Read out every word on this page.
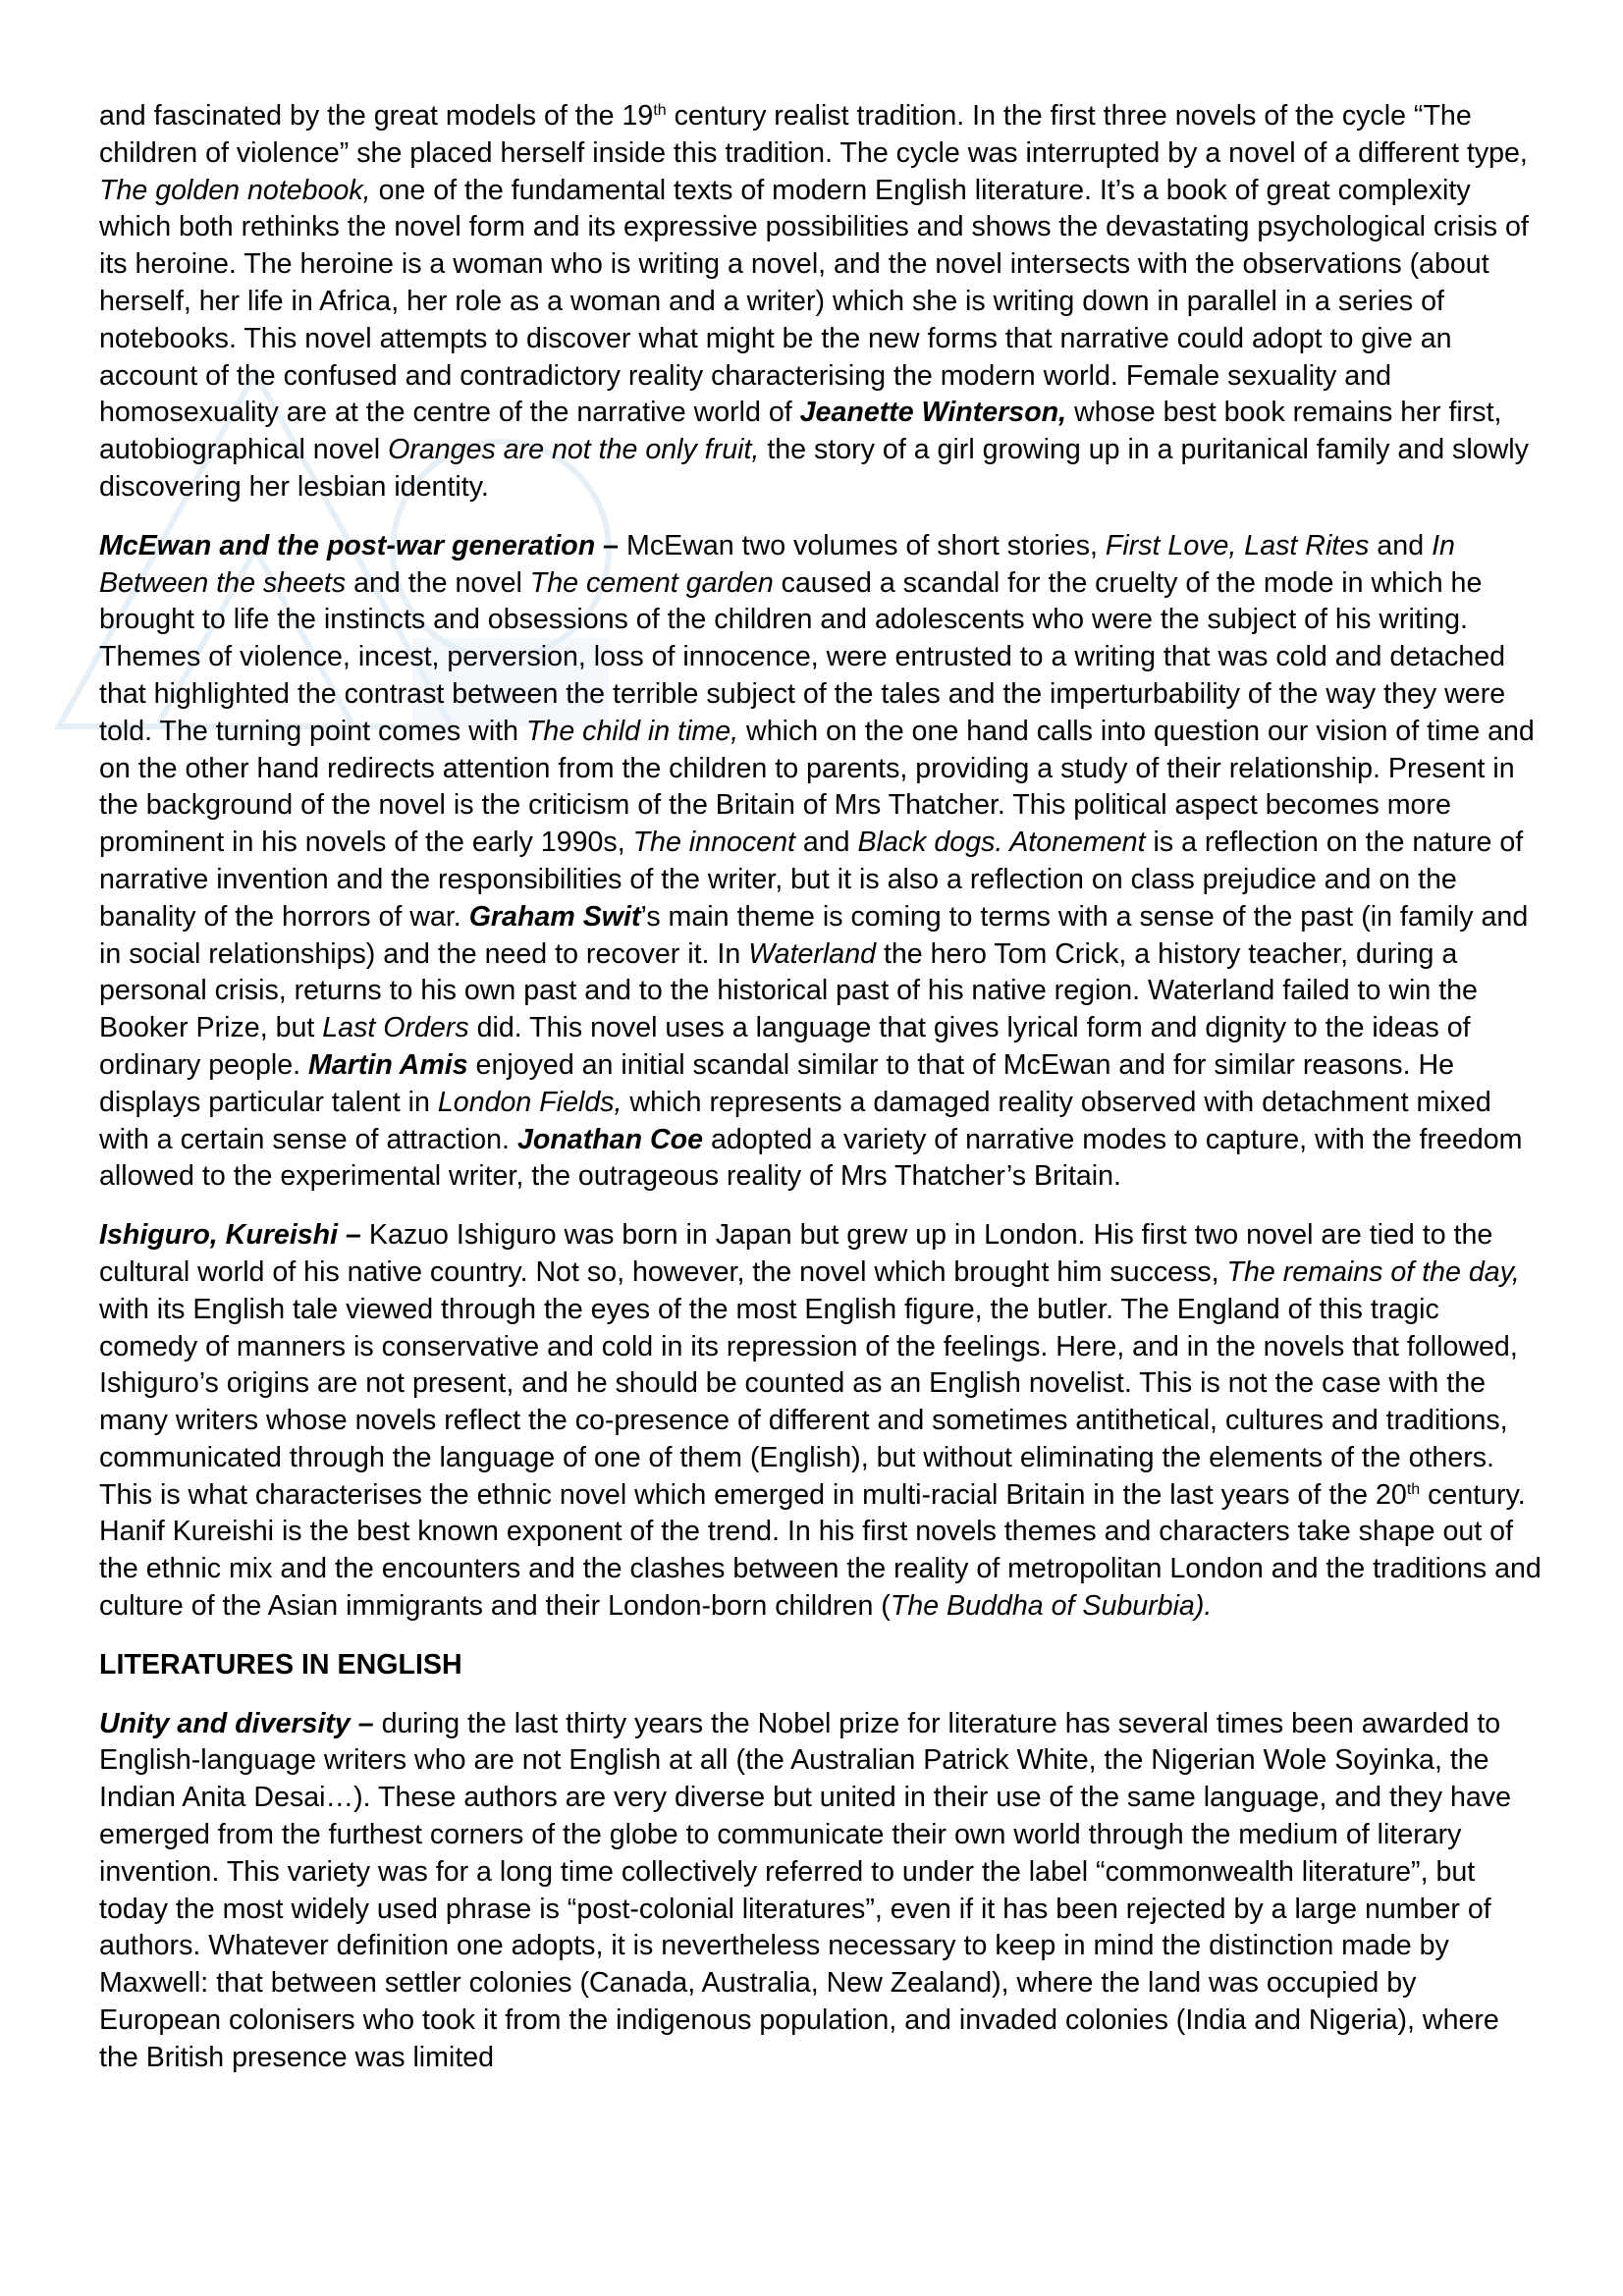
and fascinated by the great models of the 19th century realist tradition. In the first three novels of the cycle “The children of violence” she placed herself inside this tradition. The cycle was interrupted by a novel of a different type, The golden notebook, one of the fundamental texts of modern English literature. It’s a book of great complexity which both rethinks the novel form and its expressive possibilities and shows the devastating psychological crisis of its heroine. The heroine is a woman who is writing a novel, and the novel intersects with the observations (about herself, her life in Africa, her role as a woman and a writer) which she is writing down in parallel in a series of notebooks. This novel attempts to discover what might be the new forms that narrative could adopt to give an account of the confused and contradictory reality characterising the modern world. Female sexuality and homosexuality are at the centre of the narrative world of Jeanette Winterson, whose best book remains her first, autobiographical novel Oranges are not the only fruit, the story of a girl growing up in a puritanical family and slowly discovering her lesbian identity.

McEwan and the post-war generation – McEwan two volumes of short stories, First Love, Last Rites and In Between the sheets and the novel The cement garden caused a scandal for the cruelty of the mode in which he brought to life the instincts and obsessions of the children and adolescents who were the subject of his writing. Themes of violence, incest, perversion, loss of innocence, were entrusted to a writing that was cold and detached that highlighted the contrast between the terrible subject of the tales and the imperturbability of the way they were told. The turning point comes with The child in time, which on the one hand calls into question our vision of time and on the other hand redirects attention from the children to parents, providing a study of their relationship. Present in the background of the novel is the criticism of the Britain of Mrs Thatcher. This political aspect becomes more prominent in his novels of the early 1990s, The innocent and Black dogs. Atonement is a reflection on the nature of narrative invention and the responsibilities of the writer, but it is also a reflection on class prejudice and on the banality of the horrors of war. Graham Swit’s main theme is coming to terms with a sense of the past (in family and in social relationships) and the need to recover it. In Waterland the hero Tom Crick, a history teacher, during a personal crisis, returns to his own past and to the historical past of his native region. Waterland failed to win the Booker Prize, but Last Orders did. This novel uses a language that gives lyrical form and dignity to the ideas of ordinary people. Martin Amis enjoyed an initial scandal similar to that of McEwan and for similar reasons. He displays particular talent in London Fields, which represents a damaged reality observed with detachment mixed with a certain sense of attraction. Jonathan Coe adopted a variety of narrative modes to capture, with the freedom allowed to the experimental writer, the outrageous reality of Mrs Thatcher’s Britain.

Ishiguro, Kureishi – Kazuo Ishiguro was born in Japan but grew up in London. His first two novel are tied to the cultural world of his native country. Not so, however, the novel which brought him success, The remains of the day, with its English tale viewed through the eyes of the most English figure, the butler. The England of this tragic comedy of manners is conservative and cold in its repression of the feelings. Here, and in the novels that followed, Ishiguro’s origins are not present, and he should be counted as an English novelist. This is not the case with the many writers whose novels reflect the co-presence of different and sometimes antithetical, cultures and traditions, communicated through the language of one of them (English), but without eliminating the elements of the others. This is what characterises the ethnic novel which emerged in multi-racial Britain in the last years of the 20th century. Hanif Kureishi is the best known exponent of the trend. In his first novels themes and characters take shape out of the ethnic mix and the encounters and the clashes between the reality of metropolitan London and the traditions and culture of the Asian immigrants and their London-born children (The Buddha of Suburbia).

LITERATURES IN ENGLISH

Unity and diversity – during the last thirty years the Nobel prize for literature has several times been awarded to English-language writers who are not English at all (the Australian Patrick White, the Nigerian Wole Soyinka, the Indian Anita Desai…). These authors are very diverse but united in their use of the same language, and they have emerged from the furthest corners of the globe to communicate their own world through the medium of literary invention. This variety was for a long time collectively referred to under the label “commonwealth literature”, but today the most widely used phrase is “post-colonial literatures”, even if it has been rejected by a large number of authors. Whatever definition one adopts, it is nevertheless necessary to keep in mind the distinction made by Maxwell: that between settler colonies (Canada, Australia, New Zealand), where the land was occupied by European colonisers who took it from the indigenous population, and invaded colonies (India and Nigeria), where the British presence was limited
